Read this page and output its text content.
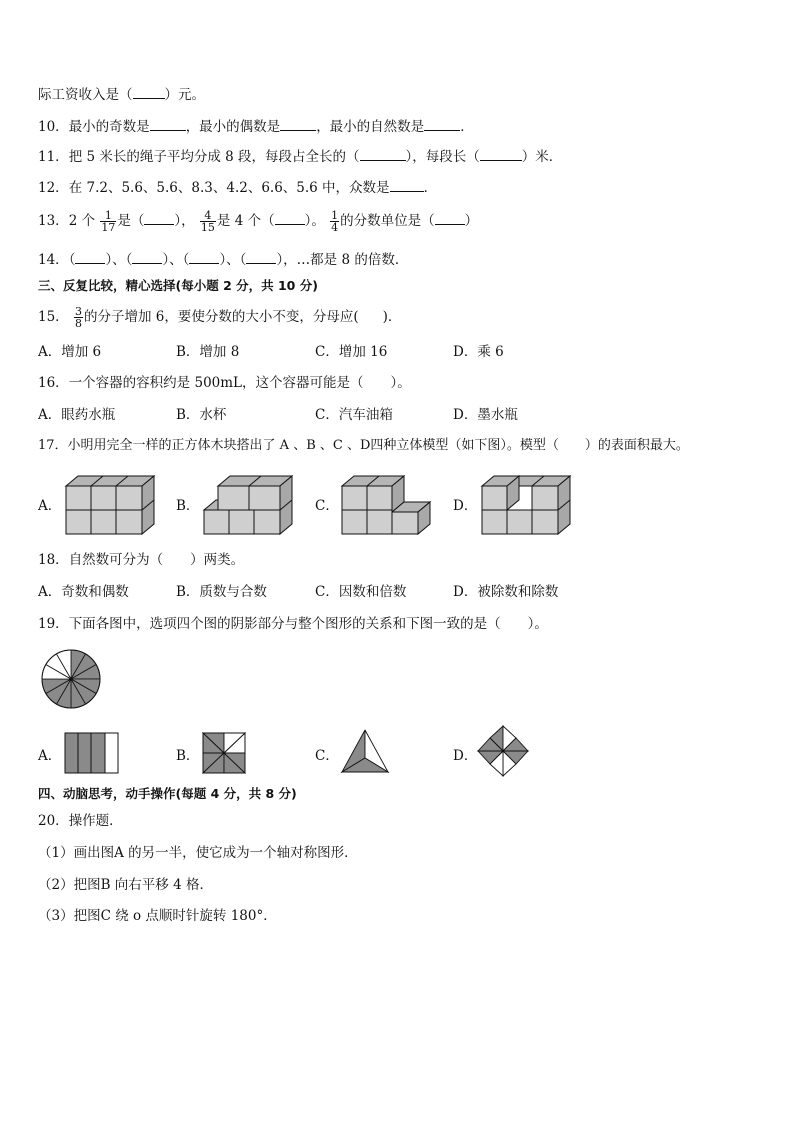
际工资收入是（ ）元。
10．最小的奇数是	，最小的偶数是	，最小的自然数是	．
11．把 5 米长的绳子平均分成 8 段，每段占全长的（	），每段长（	）米．
12．在 7.2、5.6、5.6、8.3、4.2、6.6、5.6 中，众数是	．
13．2 个 $\frac{1}{17}$ 是（ ）， $\frac{4}{15}$ 是 4 个（ ）。 $\frac{1}{4}$ 的分数单位是（ ）
14．（ ）、（ ）、（ ）、（ ），…都是 8 的倍数．
三、反复比较，精心选择(每小题 2 分，共 10 分)
15． $\frac{3}{8}$ 的分子增加 6，要使分数的大小不变，分母应( )．
A．增加 6	B．增加 8	C．增加 16	D．乘 6
16．一个容器的容积约是 500mL，这个容器可能是（　　）。
A．眼药水瓶	B．水杯	C．汽车油箱	D．墨水瓶
17．小明用完全一样的正方体木块搭出了 A 、B 、C 、D四种立体模型（如下图）。模型（　　）的表面积最大。
A．	B．	C．	D．
18．自然数可分为（　　）两类。
A．奇数和偶数	B．质数与合数	C．因数和倍数	D．被除数和除数
19．下面各图中，选项四个图的阴影部分与整个图形的关系和下图一致的是（　　）。
A．	B．	C．	D．
四、动脑思考，动手操作(每题 4 分，共 8 分)
20．操作题．
（1）画出图A 的另一半，使它成为一个轴对称图形．
（2）把图B 向右平移 4 格．
（3）把图C 绕 o 点顺时针旋转 180°．
